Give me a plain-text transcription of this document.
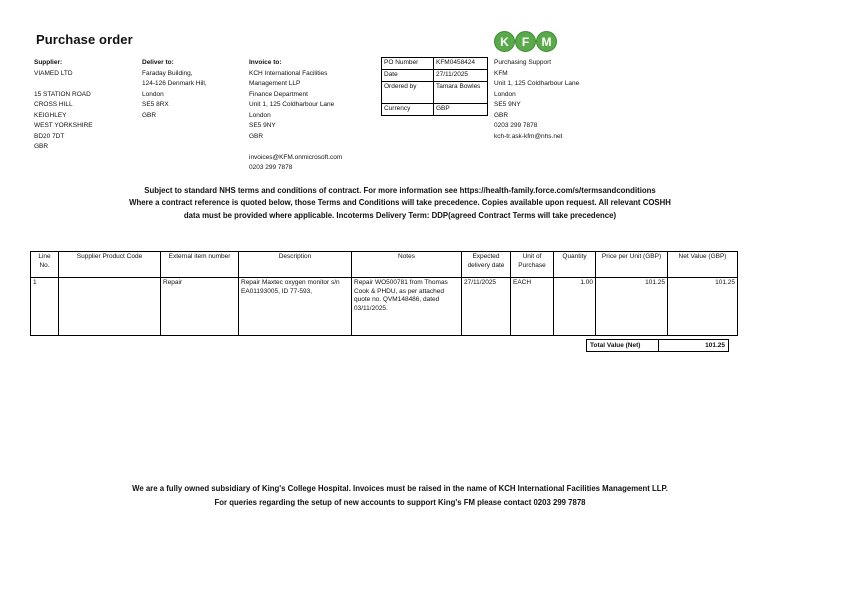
Purchase order
Supplier:
VIAMED LTD

15 STATION ROAD
CROSS HILL
KEIGHLEY
WEST YORKSHIRE
BD20 7DT
GBR
Deliver to:
Faraday Building,
124-126 Denmark Hill,
London
SE5 8RX
GBR
Invoice to:
KCH International Facilities
Management LLP
Finance Department
Unit 1, 125 Coldharbour Lane
London
SE5 9NY
GBR

invoices@KFM.onmicrosoft.com
0203 299 7878
PO Number	KFM0458424
Date	27/11/2025
Ordered by	Tamara Bowles
Currency	GBP
K	F	M
Purchasing Support
KFM
Unit 1, 125 Coldharbour Lane
London
SE5 9NY
GBR
0203 299 7878
kch-tr.ask-kfm@nhs.net
Subject to standard NHS terms and conditions of contract. For more information see https://health-family.force.com/s/termsandconditions
Where a contract reference is quoted below, those Terms and Conditions will take precedence. Copies available upon request. All relevant COSHH
data must be provided where applicable. Incoterms Delivery Term: DDP(agreed Contract Terms will take precedence)
Line No.	Supplier Product Code	External item number	Description	Notes	Expected delivery date	Unit of Purchase	Quantity	Price per Unit (GBP)	Net Value (GBP)
1		Repair	Repair Maxtec oxygen monitor s/n EA01193005, ID 77-593,	Repair WO500781 from Thomas Cook & PHDU, as per attached quote no. QVM148486, dated 03/11/2025.	27/11/2025	EACH	1.00	101.25	101.25
Total Value (Net)	101.25
We are a fully owned subsidiary of King's College Hospital. Invoices must be raised in the name of KCH International Facilities Management LLP.
For queries regarding the setup of new accounts to support King's FM please contact 0203 299 7878
